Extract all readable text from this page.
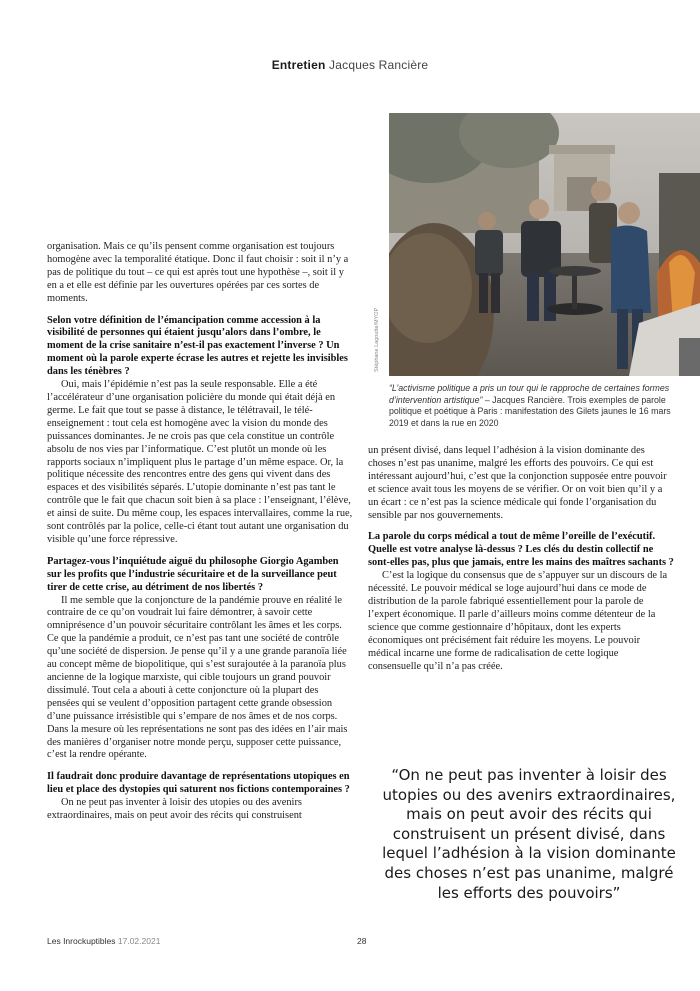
Entretien Jacques Rancière
Stéphane Lagoutte/MYOP
“L’activisme politique a pris un tour qui le rapproche de certaines formes d’intervention artistique” – Jacques Rancière. Trois exemples de parole politique et poétique à Paris : manifestation des Gilets jaunes le 16 mars 2019 et dans la rue en 2020

organisation. Mais ce qu’ils pensent comme organisation est toujours homogène avec la temporalité étatique. Donc il faut choisir : soit il n’y a pas de politique du tout – ce qui est après tout une hypothèse –, soit il y en a et elle est définie par les ouvertures opérées par ces sortes de moments.

Selon votre définition de l’émancipation comme accession à la visibilité de personnes qui étaient jusqu’alors dans l’ombre, le moment de la crise sanitaire n’est-il pas exactement l’inverse ? Un moment où la parole experte écrase les autres et rejette les invisibles dans les ténèbres ?

Oui, mais l’épidémie n’est pas la seule responsable. Elle a été l’accélérateur d’une organisation policière du monde qui était déjà en germe. Le fait que tout se passe à distance, le télétravail, le télé-enseignement : tout cela est homogène avec la vision du monde des puissances dominantes. Je ne crois pas que cela constitue un contrôle absolu de nos vies par l’informatique. C’est plutôt un monde où les rapports sociaux n’impliquent plus le partage d’un même espace. Or, la politique nécessite des rencontres entre des gens qui vivent dans des espaces et des visibilités séparés. L’utopie dominante n’est pas tant le contrôle que le fait que chacun soit bien à sa place : l’enseignant, l’élève, et ainsi de suite. Du même coup, les espaces intervallaires, comme la rue, sont contrôlés par la police, celle-ci étant tout autant une organisation du visible qu’une force répressive.

Partagez-vous l’inquiétude aiguë du philosophe Giorgio Agamben sur les profits que l’industrie sécuritaire et de la surveillance peut tirer de cette crise, au détriment de nos libertés ?

Il me semble que la conjoncture de la pandémie prouve en réalité le contraire de ce qu’on voudrait lui faire démontrer, à savoir cette omniprésence d’un pouvoir sécuritaire contrôlant les âmes et les corps. Ce que la pandémie a produit, ce n’est pas tant une société de contrôle qu’une société de dispersion. Je pense qu’il y a une grande paranoïa liée au concept même de biopolitique, qui s’est surajoutée à la paranoïa plus ancienne de la logique marxiste, qui cible toujours un grand pouvoir dissimulé. Tout cela a abouti à cette conjoncture où la plupart des pensées qui se veulent d’opposition partagent cette grande obsession d’une puissance irrésistible qui s’empare de nos âmes et de nos corps. Dans la mesure où les représentations ne sont pas des idées en l’air mais des manières d’organiser notre monde perçu, supposer cette puissance, c’est la rendre opérante.

Il faudrait donc produire davantage de représentations utopiques en lieu et place des dystopies qui saturent nos fictions contemporaines ?

On ne peut pas inventer à loisir des utopies ou des avenirs extraordinaires, mais on peut avoir des récits qui construisent

un présent divisé, dans lequel l’adhésion à la vision dominante des choses n’est pas unanime, malgré les efforts des pouvoirs. Ce qui est intéressant aujourd’hui, c’est que la conjonction supposée entre pouvoir et science avait tous les moyens de se vérifier. Or on voit bien qu’il y a un écart : ce n’est pas la science médicale qui fonde l’organisation du sensible par nos gouvernements.

La parole du corps médical a tout de même l’oreille de l’exécutif. Quelle est votre analyse là-dessus ? Les clés du destin collectif ne sont-elles pas, plus que jamais, entre les mains des maîtres sachants ?

C’est la logique du consensus que de s’appuyer sur un discours de la nécessité. Le pouvoir médical se loge aujourd’hui dans ce mode de distribution de la parole fabriqué essentiellement pour la parole de l’expert économique. Il parle d’ailleurs moins comme détenteur de la science que comme gestionnaire d’hôpitaux, dont les experts économiques ont précisément fait réduire les moyens. Le pouvoir médical incarne une forme de radicalisation de cette logique consensuelle qu’il n’a pas créée.

“On ne peut pas inventer à loisir des utopies ou des avenirs extraordinaires, mais on peut avoir des récits qui construisent un présent divisé, dans lequel l’adhésion à la vision dominante des choses n’est pas unanime, malgré les efforts des pouvoirs”
Les Inrockuptibles 17.02.2021	28
